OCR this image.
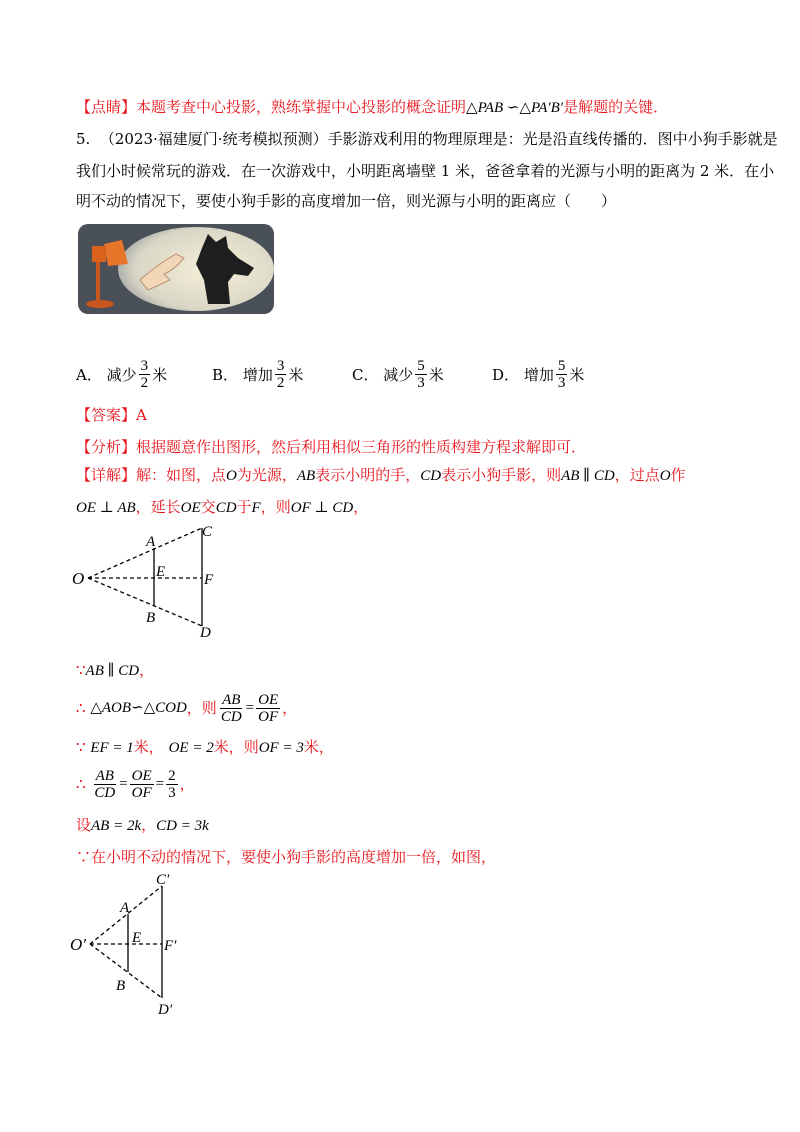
【点睛】本题考查中心投影，熟练掌握中心投影的概念证明△PAB ∽△PA′B′是解题的关键．
5. （2023·福建厦门·统考模拟预测）手影游戏利用的物理原理是：光是沿直线传播的．图中小狗手影就是
我们小时候常玩的游戏．在一次游戏中，小明距离墙壁 1 米，爸爸拿着的光源与小明的距离为 2 米．在小
明不动的情况下，要使小狗手影的高度增加一倍，则光源与小明的距离应（　　）
A．
减少 $\frac{3}{2}$ 米	B．
增加 $\frac{3}{2}$ 米	C．
减少 $\frac{5}{3}$ 米	D．
增加 $\frac{5}{3}$ 米
【答案】A
【分析】根据题意作出图形，然后利用相似三角形的性质构建方程求解即可．
【详解】解：如图，点O为光源，AB表示小明的手，CD表示小狗手影，则AB ∥ CD，过点O作
OE ⊥ AB，延长OE交CD于F，则OF ⊥ CD，
O
A
B
C
D
E	F
∵AB ∥ CD，
∴
△AOB∽△COD ，则 $\frac{AB}{CD} = \frac{OE}{OF}$ ，
∵ EF = 1米， OE = 2米，则OF = 3米，
∴
$\frac{AB}{CD} = \frac{OE}{OF} = \frac{2}{3}$ ，
设AB = 2k，CD = 3k
∵在小明不动的情况下，要使小狗手影的高度增加一倍，如图，
O′
A
B
C′
D′
E F′
